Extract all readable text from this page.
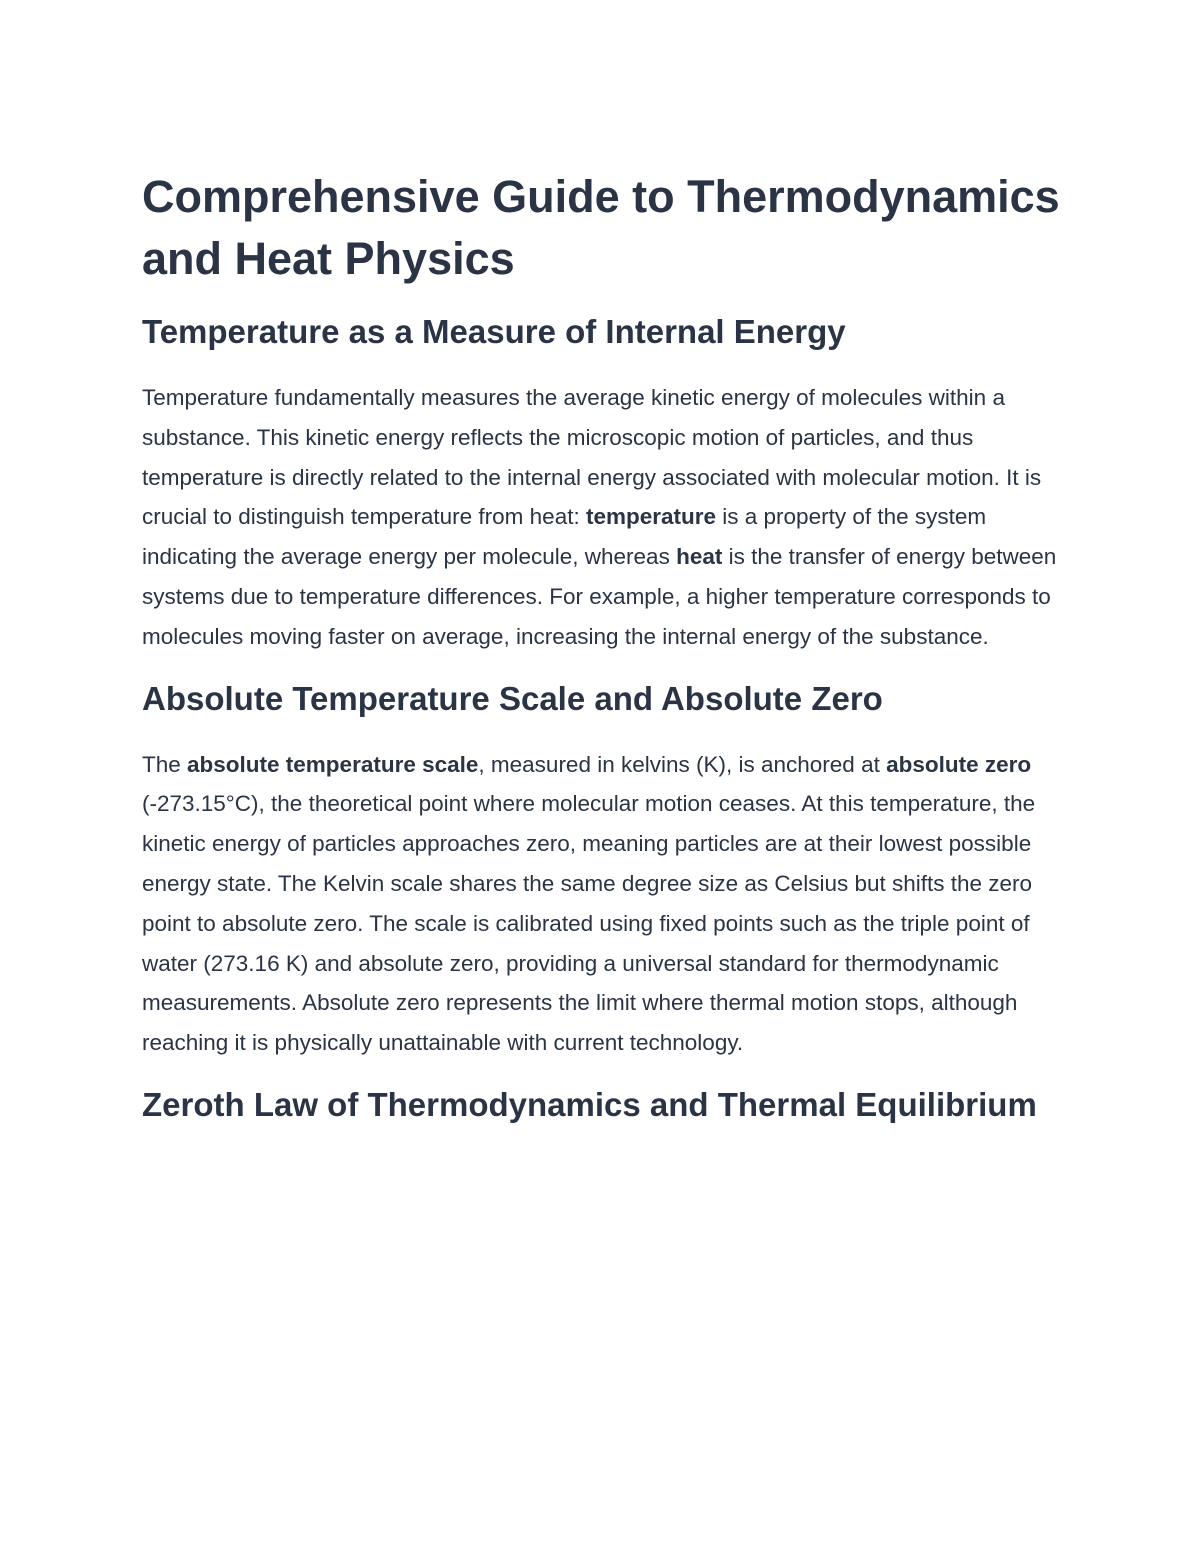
Comprehensive Guide to Thermodynamics and Heat Physics
Temperature as a Measure of Internal Energy

Temperature fundamentally measures the average kinetic energy of molecules within a substance. This kinetic energy reflects the microscopic motion of particles, and thus temperature is directly related to the internal energy associated with molecular motion. It is crucial to distinguish temperature from heat: temperature is a property of the system indicating the average energy per molecule, whereas heat is the transfer of energy between systems due to temperature differences. For example, a higher temperature corresponds to molecules moving faster on average, increasing the internal energy of the substance.

Absolute Temperature Scale and Absolute Zero

The absolute temperature scale, measured in kelvins (K), is anchored at absolute zero (-273.15°C), the theoretical point where molecular motion ceases. At this temperature, the kinetic energy of particles approaches zero, meaning particles are at their lowest possible energy state. The Kelvin scale shares the same degree size as Celsius but shifts the zero point to absolute zero. The scale is calibrated using fixed points such as the triple point of water (273.16 K) and absolute zero, providing a universal standard for thermodynamic measurements. Absolute zero represents the limit where thermal motion stops, although reaching it is physically unattainable with current technology.

Zeroth Law of Thermodynamics and Thermal Equilibrium
